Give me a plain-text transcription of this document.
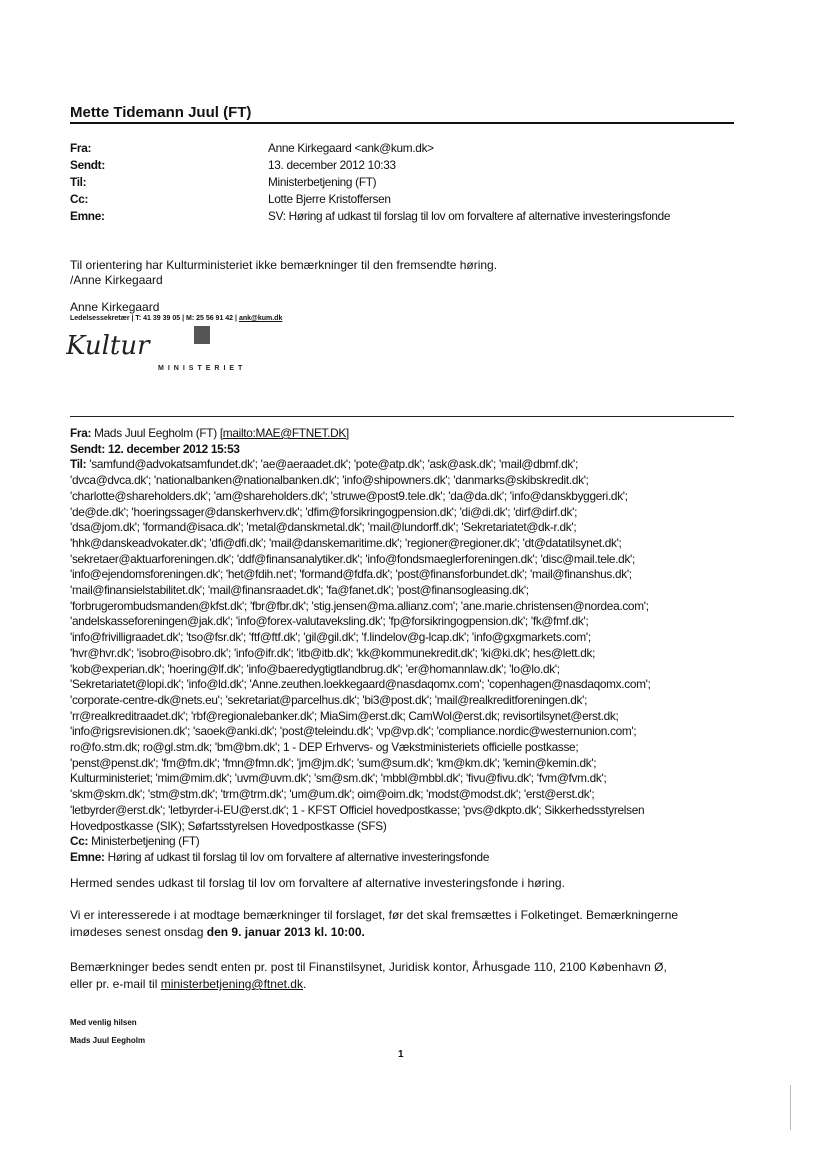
Mette Tidemann Juul (FT)
Fra:	Anne Kirkegaard <ank@kum.dk>
Sendt:	13. december 2012 10:33
Til:	Ministerbetjening (FT)
Cc:	Lotte Bjerre Kristoffersen
Emne:	SV: Høring af udkast til forslag til lov om forvaltere af alternative investeringsfonde
Til orientering har Kulturministeriet ikke bemærkninger til den fremsendte høring.
/Anne Kirkegaard
Anne Kirkegaard
Ledelsessekretær | T: 41 39 39 05 | M: 25 56 91 42 | ank@kum.dk
Kultur
MINISTERIET
Fra: Mads Juul Eegholm (FT) [mailto:MAE@FTNET.DK]
Sendt: 12. december 2012 15:53
Til: 'samfund@advokatsamfundet.dk'; 'ae@aeraadet.dk'; 'pote@atp.dk'; 'ask@ask.dk'; 'mail@dbmf.dk';
'dvca@dvca.dk'; 'nationalbanken@nationalbanken.dk'; 'info@shipowners.dk'; 'danmarks@skibskredit.dk';
'charlotte@shareholders.dk'; 'am@shareholders.dk'; 'struwe@post9.tele.dk'; 'da@da.dk'; 'info@danskbyggeri.dk';
'de@de.dk'; 'hoeringssager@danskerhverv.dk'; 'dfim@forsikringogpension.dk'; 'di@di.dk'; 'dirf@dirf.dk';
'dsa@jom.dk'; 'formand@isaca.dk'; 'metal@danskmetal.dk'; 'mail@lundorff.dk'; 'Sekretariatet@dk-r.dk';
'hhk@danskeadvokater.dk'; 'dfi@dfi.dk'; 'mail@danskemaritime.dk'; 'regioner@regioner.dk'; 'dt@datatilsynet.dk';
'sekretaer@aktuarforeningen.dk'; 'ddf@finansanalytiker.dk'; 'info@fondsmaeglerforeningen.dk'; 'disc@mail.tele.dk';
'info@ejendomsforeningen.dk'; 'het@fdih.net'; 'formand@fdfa.dk'; 'post@finansforbundet.dk'; 'mail@finanshus.dk';
'mail@finansielstabilitet.dk'; 'mail@finansraadet.dk'; 'fa@fanet.dk'; 'post@finansogleasing.dk';
'forbrugerombudsmanden@kfst.dk'; 'fbr@fbr.dk'; 'stig.jensen@ma.allianz.com'; 'ane.marie.christensen@nordea.com';
'andelskasseforeningen@jak.dk'; 'info@forex-valutaveksling.dk'; 'fp@forsikringogpension.dk'; 'fk@fmf.dk';
'info@frivilligraadet.dk'; 'tso@fsr.dk'; 'ftf@ftf.dk'; 'gil@gil.dk'; 'f.lindelov@g-lcap.dk'; 'info@gxgmarkets.com';
'hvr@hvr.dk'; 'isobro@isobro.dk'; 'info@ifr.dk'; 'itb@itb.dk'; 'kk@kommunekredit.dk'; 'ki@ki.dk'; hes@lett.dk;
'kob@experian.dk'; 'hoering@lf.dk'; 'info@baeredygtigtlandbrug.dk'; 'er@homannlaw.dk'; 'lo@lo.dk';
'Sekretariatet@lopi.dk'; 'info@ld.dk'; 'Anne.zeuthen.loekkegaard@nasdaqomx.com'; 'copenhagen@nasdaqomx.com';
'corporate-centre-dk@nets.eu'; 'sekretariat@parcelhus.dk'; 'bi3@post.dk'; 'mail@realkreditforeningen.dk';
'rr@realkreditraadet.dk'; 'rbf@regionalebanker.dk'; MiaSim@erst.dk; CamWol@erst.dk; revisortilsynet@erst.dk;
'info@rigsrevisionen.dk'; 'saoek@anki.dk'; 'post@teleindu.dk'; 'vp@vp.dk'; 'compliance.nordic@westernunion.com';
ro@fo.stm.dk; ro@gl.stm.dk; 'bm@bm.dk'; 1 - DEP Erhvervs- og Vækstministeriets officielle postkasse;
'penst@penst.dk'; 'fm@fm.dk'; 'fmn@fmn.dk'; 'jm@jm.dk'; 'sum@sum.dk'; 'km@km.dk'; 'kemin@kemin.dk';
Kulturministeriet; 'mim@mim.dk'; 'uvm@uvm.dk'; 'sm@sm.dk'; 'mbbl@mbbl.dk'; 'fivu@fivu.dk'; 'fvm@fvm.dk';
'skm@skm.dk'; 'stm@stm.dk'; 'trm@trm.dk'; 'um@um.dk'; oim@oim.dk; 'modst@modst.dk'; 'erst@erst.dk';
'letbyrder@erst.dk'; 'letbyrder-i-EU@erst.dk'; 1 - KFST Officiel hovedpostkasse; 'pvs@dkpto.dk'; Sikkerhedsstyrelsen
Hovedpostkasse (SIK); Søfartsstyrelsen Hovedpostkasse (SFS)
Cc: Ministerbetjening (FT)
Emne: Høring af udkast til forslag til lov om forvaltere af alternative investeringsfonde
Hermed sendes udkast til forslag til lov om forvaltere af alternative investeringsfonde i høring.
Vi er interesserede i at modtage bemærkninger til forslaget, før det skal fremsættes i Folketinget. Bemærkningerne
imødeses senest onsdag den 9. januar 2013 kl. 10:00.
Bemærkninger bedes sendt enten pr. post til Finanstilsynet, Juridisk kontor, Århusgade 110, 2100 København Ø,
eller pr. e-mail til ministerbetjening@ftnet.dk.
Med venlig hilsen
Mads Juul Eegholm
1
